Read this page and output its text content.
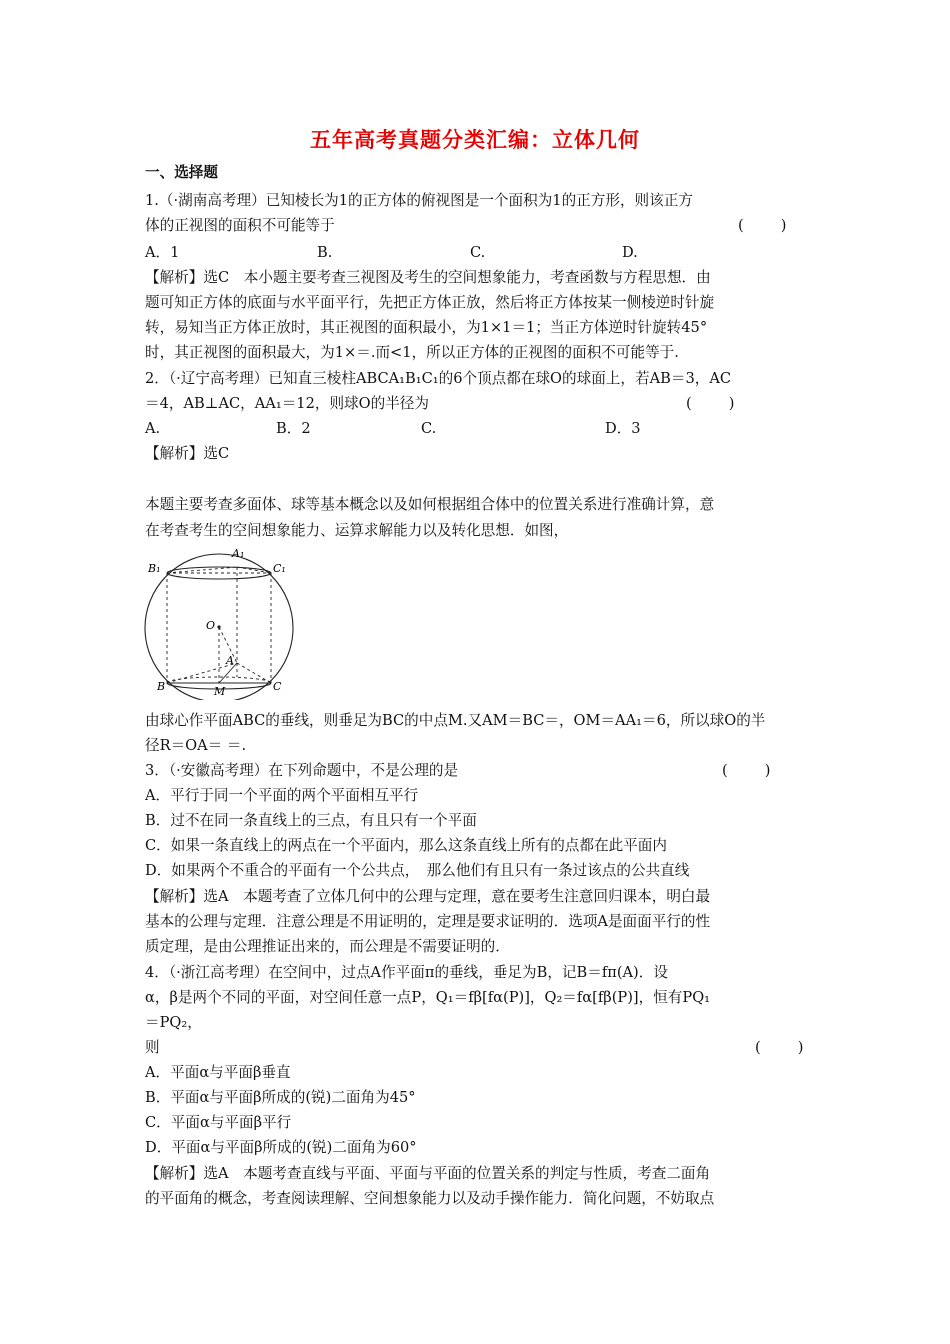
五年高考真题分类汇编：立体几何
一、选择题
1.（·湖南高考理）已知棱长为1的正方体的俯视图是一个面积为1的正方形，则该正方
体的正视图的面积不可能等于	(        )
A．1	B.	C.	D.
【解析】选C　本小题主要考查三视图及考生的空间想象能力，考查函数与方程思想．由
题可知正方体的底面与水平面平行，先把正方体正放，然后将正方体按某一侧棱逆时针旋
转，易知当正方体正放时，其正视图的面积最小，为1×1＝1；当正方体逆时针旋转45°
时，其正视图的面积最大，为1×＝.而<1，所以正方体的正视图的面积不可能等于.
2．（·辽宁高考理）已知直三棱柱ABCA₁B₁C₁的6个顶点都在球O的球面上，若AB＝3，AC
＝4，AB⊥AC，AA₁＝12，则球O的半径为	(        )
A.	B．2	C.	D．3
【解析】选C
本题主要考查多面体、球等基本概念以及如何根据组合体中的位置关系进行准确计算，意
在考查考生的空间想象能力、运算求解能力以及转化思想．如图，
A₁
B₁	C₁
O
A
B	M	C
由球心作平面ABC的垂线，则垂足为BC的中点M.又AM＝BC＝，OM＝AA₁＝6，所以球O的半
径R＝OA＝ ＝.
3．（·安徽高考理）在下列命题中，不是公理的是	(        )
A．平行于同一个平面的两个平面相互平行
B．过不在同一条直线上的三点，有且只有一个平面
C．如果一条直线上的两点在一个平面内，那么这条直线上所有的点都在此平面内
D．如果两个不重合的平面有一个公共点，　那么他们有且只有一条过该点的公共直线
【解析】选A　本题考查了立体几何中的公理与定理，意在要考生注意回归课本，明白最
基本的公理与定理．注意公理是不用证明的，定理是要求证明的．选项A是面面平行的性
质定理，是由公理推证出来的，而公理是不需要证明的．
4．（·浙江高考理）在空间中，过点A作平面π的垂线，垂足为B，记B＝fπ(A)．设
α，β是两个不同的平面，对空间任意一点P，Q₁＝fβ[fα(P)]，Q₂＝fα[fβ(P)]，恒有PQ₁
＝PQ₂，
则	(        )
A．平面α与平面β垂直
B．平面α与平面β所成的(锐)二面角为45°
C．平面α与平面β平行
D．平面α与平面β所成的(锐)二面角为60°
【解析】选A　本题考查直线与平面、平面与平面的位置关系的判定与性质，考查二面角
的平面角的概念，考查阅读理解、空间想象能力以及动手操作能力．简化问题，不妨取点
